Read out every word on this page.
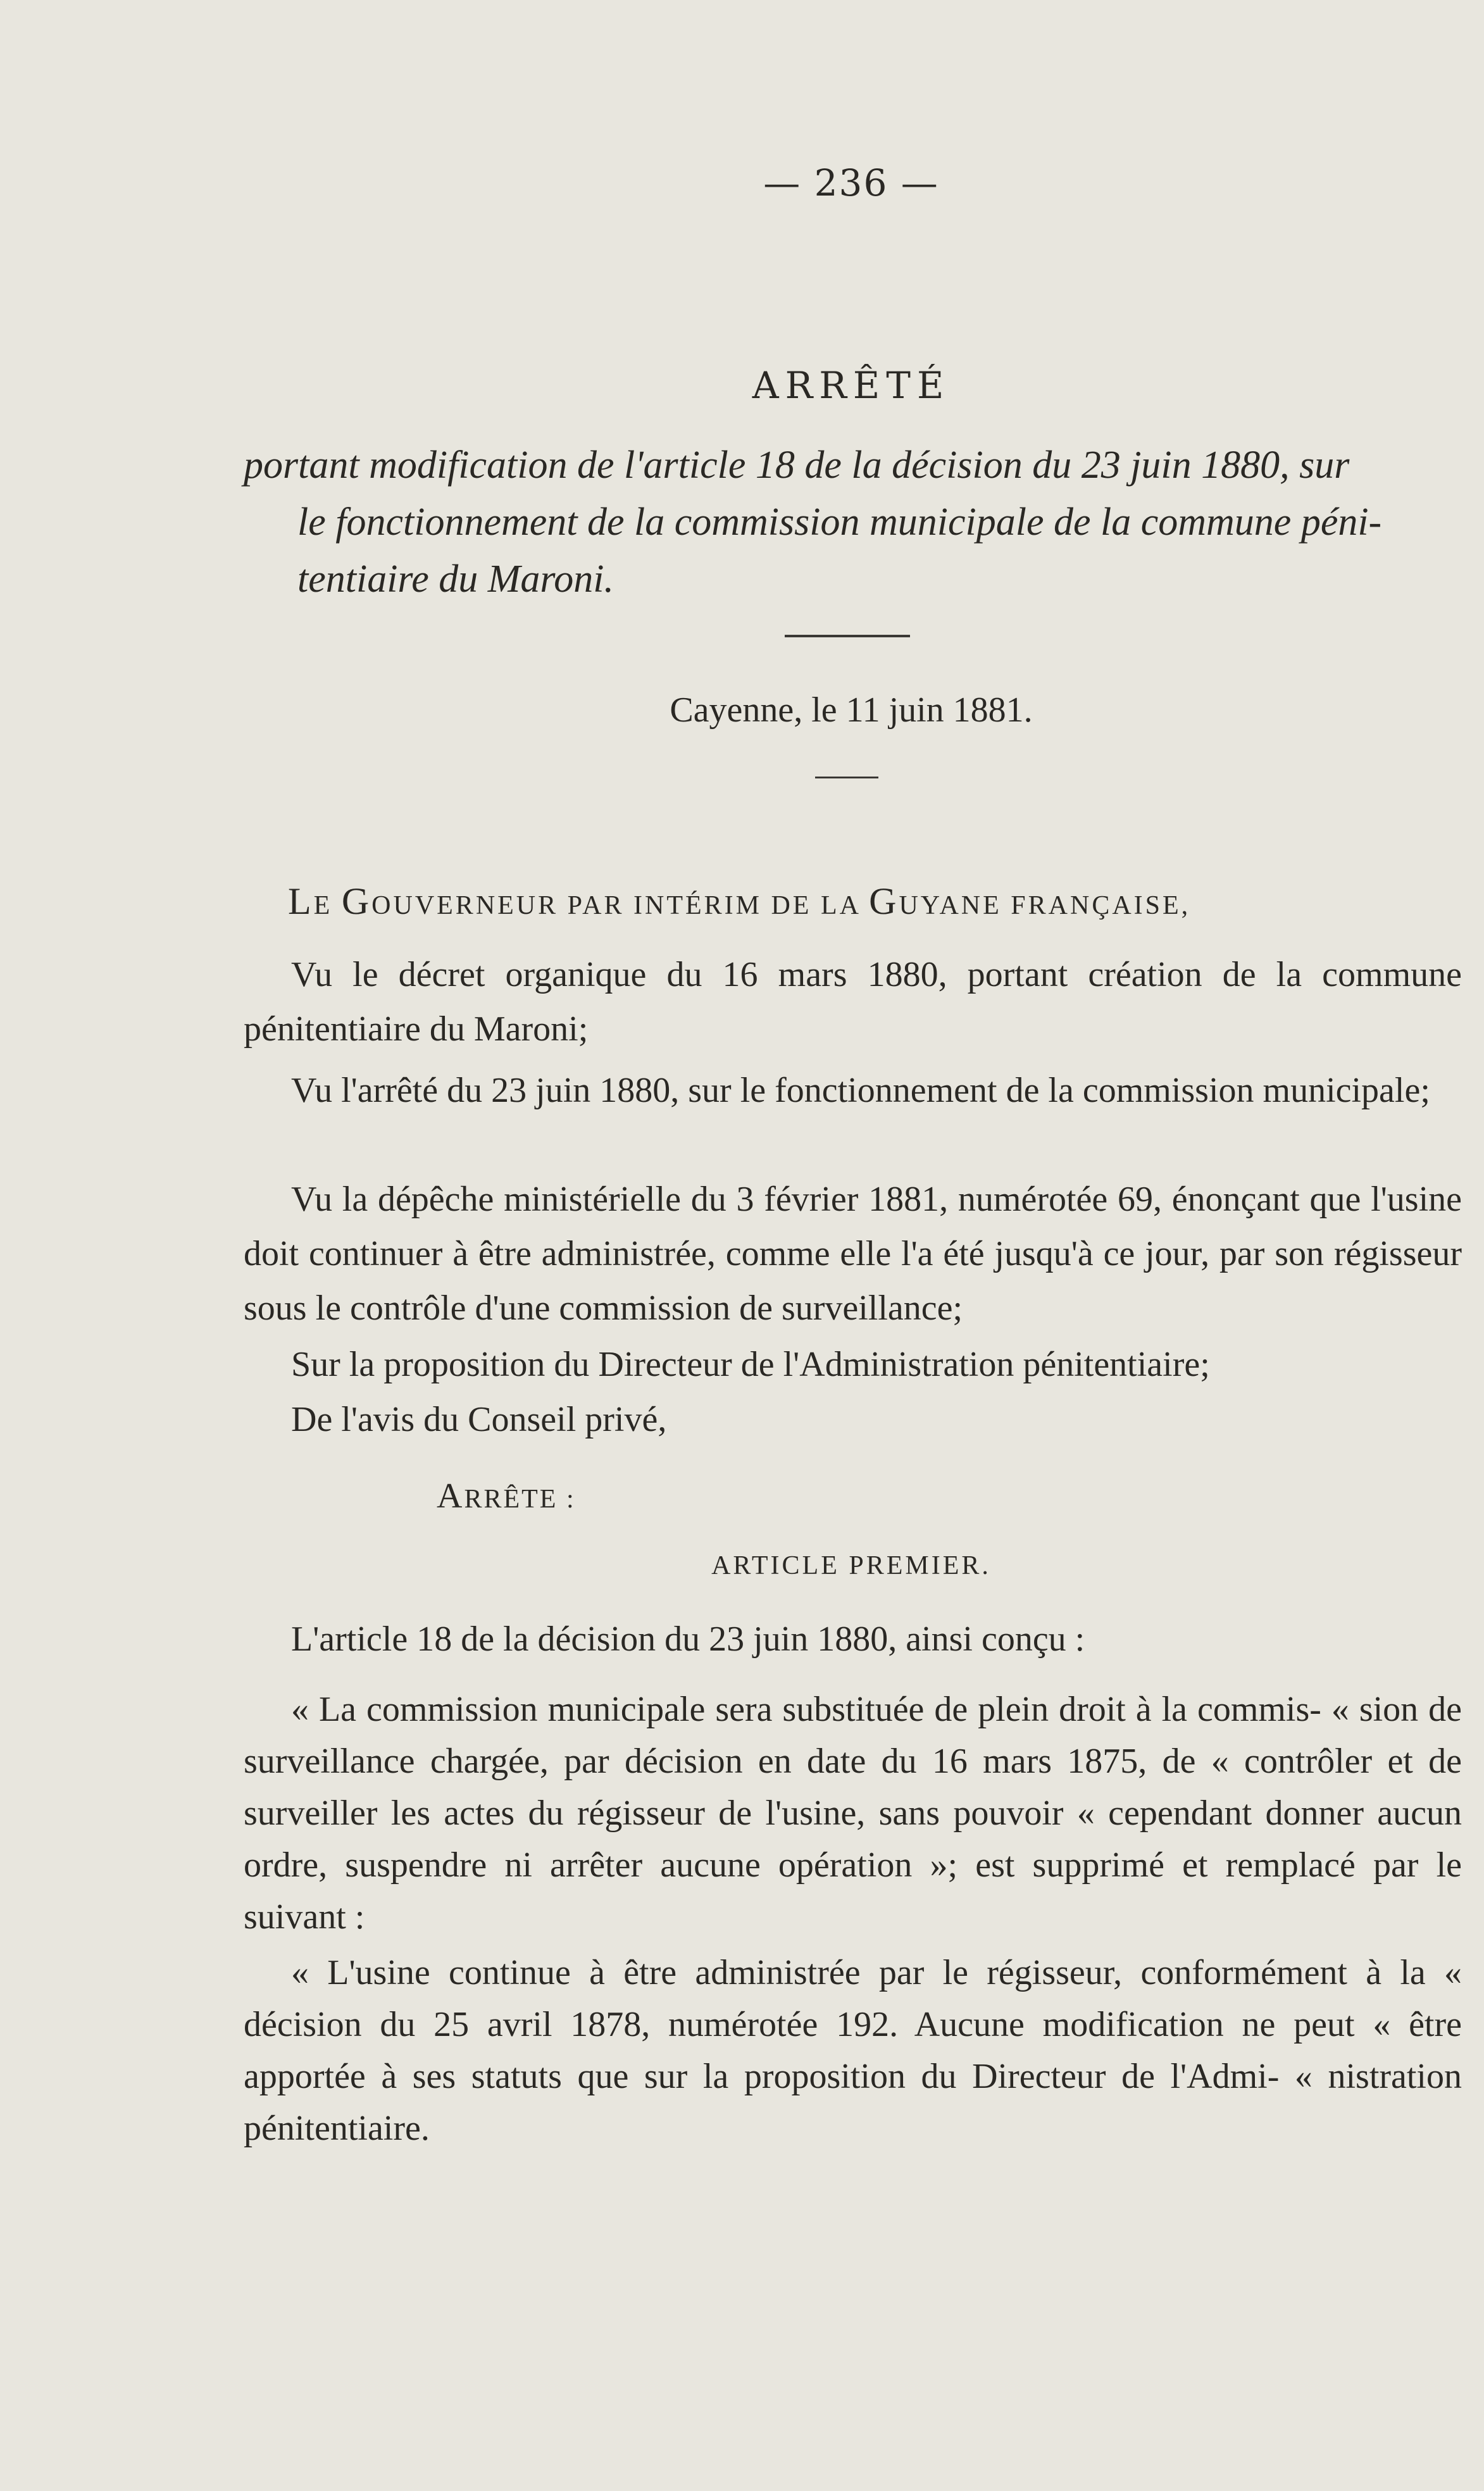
— 236 —
ARRÊTÉ
portant modification de l'article 18 de la décision du 23 juin 1880, sur
le fonctionnement de la commission municipale de la commune péni-
tentiaire du Maroni.
Cayenne, le 11 juin 1881.
LE GOUVERNEUR PAR INTÉRIM DE LA GUYANE FRANÇAISE,

Vu le décret organique du 16 mars 1880, portant création de la commune pénitentiaire du Maroni;

Vu l'arrêté du 23 juin 1880, sur le fonctionnement de la commission municipale;

Vu la dépêche ministérielle du 3 février 1881, numérotée 69, énonçant que l'usine doit continuer à être administrée, comme elle l'a été jusqu'à ce jour, par son régisseur sous le contrôle d'une commission de surveillance;

Sur la proposition du Directeur de l'Administration pénitentiaire;

De l'avis du Conseil privé,

ARRÊTE :
ARTICLE PREMIER.

L'article 18 de la décision du 23 juin 1880, ainsi conçu :

« La commission municipale sera substituée de plein droit à la commis- « sion de surveillance chargée, par décision en date du 16 mars 1875, de « contrôler et de surveiller les actes du régisseur de l'usine, sans pouvoir « cependant donner aucun ordre, suspendre ni arrêter aucune opération »; est supprimé et remplacé par le suivant :

« L'usine continue à être administrée par le régisseur, conformément à la « décision du 25 avril 1878, numérotée 192. Aucune modification ne peut « être apportée à ses statuts que sur la proposition du Directeur de l'Admi- « nistration pénitentiaire.
